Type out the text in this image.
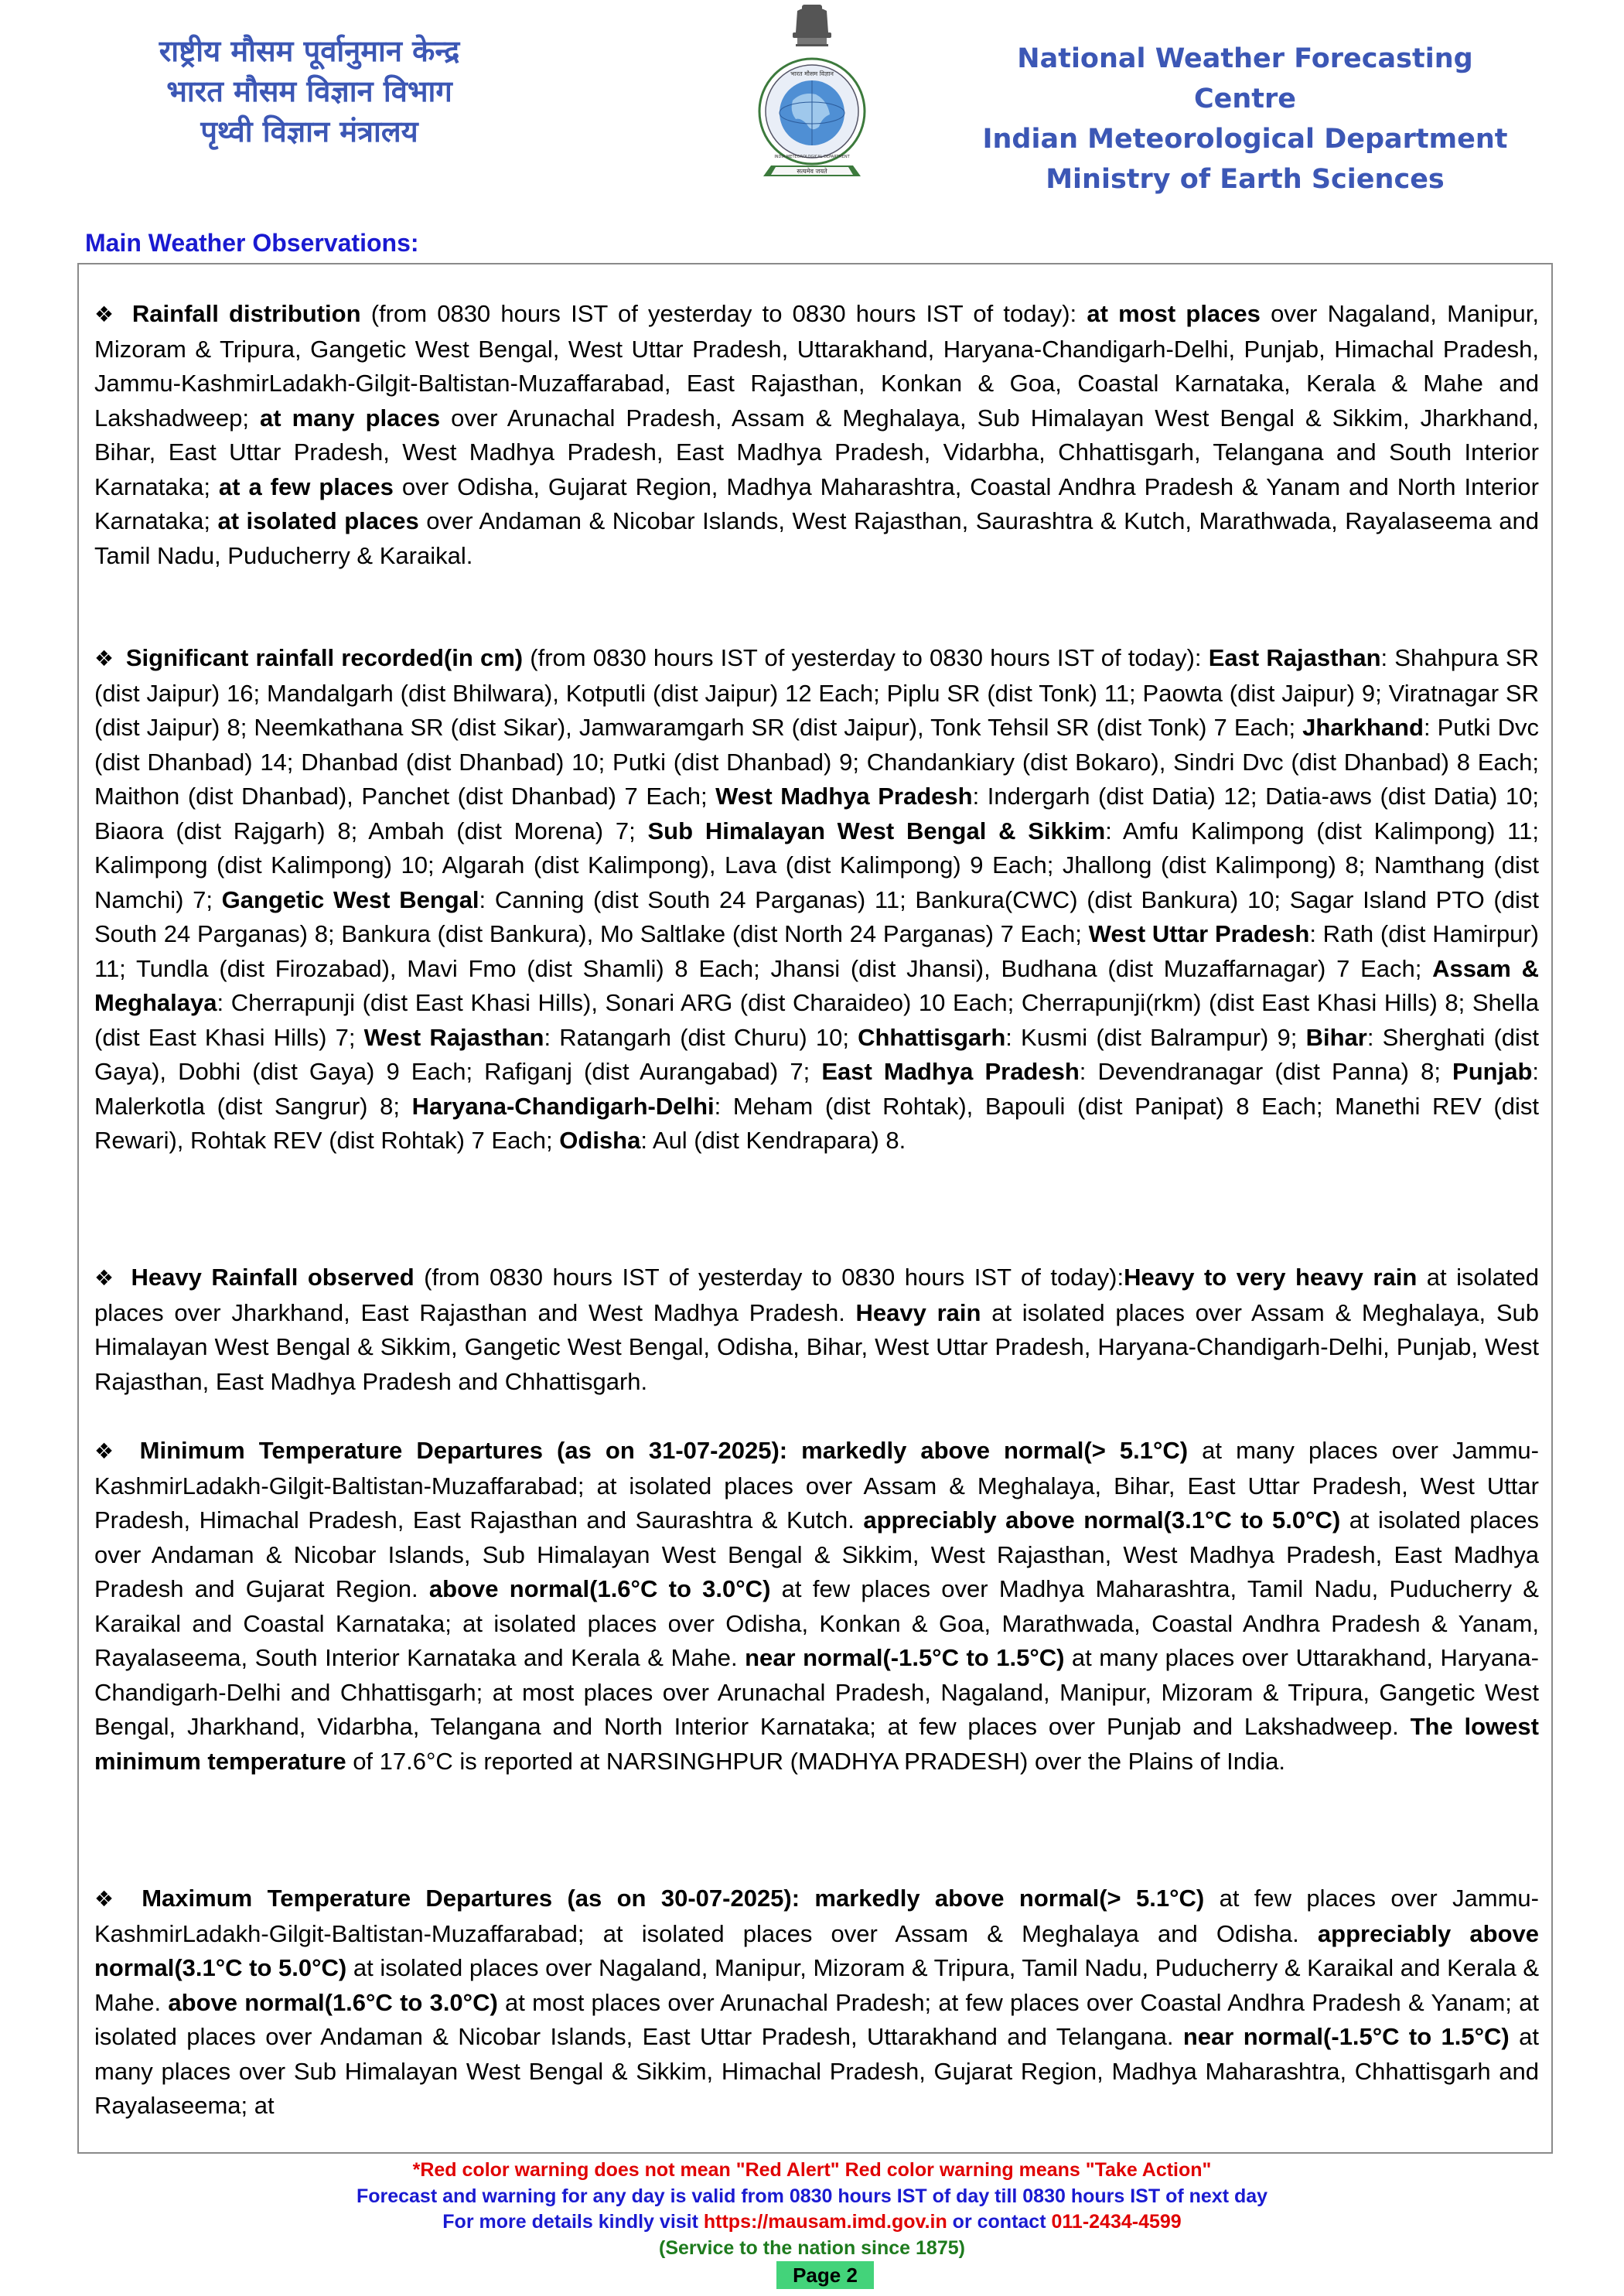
राष्ट्रीय मौसम पूर्वानुमान केन्द्र
भारत मौसम विज्ञान विभाग
पृथ्वी विज्ञान मंत्रालय
भारत मौसम विज्ञान
INDIA METEOROLOGICAL DEPARTMENT
सत्यमेव जयते
National Weather Forecasting Centre
Indian Meteorological Department
Ministry of Earth Sciences
Main Weather Observations:

❖ Rainfall distribution (from 0830 hours IST of yesterday to 0830 hours IST of today): at most places over Nagaland, Manipur, Mizoram & Tripura, Gangetic West Bengal, West Uttar Pradesh, Uttarakhand, Haryana-Chandigarh-Delhi, Punjab, Himachal Pradesh, Jammu-KashmirLadakh-Gilgit-Baltistan-Muzaffarabad, East Rajasthan, Konkan & Goa, Coastal Karnataka, Kerala & Mahe and Lakshadweep; at many places over Arunachal Pradesh, Assam & Meghalaya, Sub Himalayan West Bengal & Sikkim, Jharkhand, Bihar, East Uttar Pradesh, West Madhya Pradesh, East Madhya Pradesh, Vidarbha, Chhattisgarh, Telangana and South Interior Karnataka; at a few places over Odisha, Gujarat Region, Madhya Maharashtra, Coastal Andhra Pradesh & Yanam and North Interior Karnataka; at isolated places over Andaman & Nicobar Islands, West Rajasthan, Saurashtra & Kutch, Marathwada, Rayalaseema and Tamil Nadu, Puducherry & Karaikal.

❖ Significant rainfall recorded(in cm) (from 0830 hours IST of yesterday to 0830 hours IST of today): East Rajasthan: Shahpura SR (dist Jaipur) 16; Mandalgarh (dist Bhilwara), Kotputli (dist Jaipur) 12 Each; Piplu SR (dist Tonk) 11; Paowta (dist Jaipur) 9; Viratnagar SR (dist Jaipur) 8; Neemkathana SR (dist Sikar), Jamwaramgarh SR (dist Jaipur), Tonk Tehsil SR (dist Tonk) 7 Each; Jharkhand: Putki Dvc (dist Dhanbad) 14; Dhanbad (dist Dhanbad) 10; Putki (dist Dhanbad) 9; Chandankiary (dist Bokaro), Sindri Dvc (dist Dhanbad) 8 Each; Maithon (dist Dhanbad), Panchet (dist Dhanbad) 7 Each; West Madhya Pradesh: Indergarh (dist Datia) 12; Datia-aws (dist Datia) 10; Biaora (dist Rajgarh) 8; Ambah (dist Morena) 7; Sub Himalayan West Bengal & Sikkim: Amfu Kalimpong (dist Kalimpong) 11; Kalimpong (dist Kalimpong) 10; Algarah (dist Kalimpong), Lava (dist Kalimpong) 9 Each; Jhallong (dist Kalimpong) 8; Namthang (dist Namchi) 7; Gangetic West Bengal: Canning (dist South 24 Parganas) 11; Bankura(CWC) (dist Bankura) 10; Sagar Island PTO (dist South 24 Parganas) 8; Bankura (dist Bankura), Mo Saltlake (dist North 24 Parganas) 7 Each; West Uttar Pradesh: Rath (dist Hamirpur) 11; Tundla (dist Firozabad), Mavi Fmo (dist Shamli) 8 Each; Jhansi (dist Jhansi), Budhana (dist Muzaffarnagar) 7 Each; Assam & Meghalaya: Cherrapunji (dist East Khasi Hills), Sonari ARG (dist Charaideo) 10 Each; Cherrapunji(rkm) (dist East Khasi Hills) 8; Shella (dist East Khasi Hills) 7; West Rajasthan: Ratangarh (dist Churu) 10; Chhattisgarh: Kusmi (dist Balrampur) 9; Bihar: Sherghati (dist Gaya), Dobhi (dist Gaya) 9 Each; Rafiganj (dist Aurangabad) 7; East Madhya Pradesh: Devendranagar (dist Panna) 8; Punjab: Malerkotla (dist Sangrur) 8; Haryana-Chandigarh-Delhi: Meham (dist Rohtak), Bapouli (dist Panipat) 8 Each; Manethi REV (dist Rewari), Rohtak REV (dist Rohtak) 7 Each; Odisha: Aul (dist Kendrapara) 8.

❖ Heavy Rainfall observed (from 0830 hours IST of yesterday to 0830 hours IST of today):Heavy to very heavy rain at isolated places over Jharkhand, East Rajasthan and West Madhya Pradesh. Heavy rain at isolated places over Assam & Meghalaya, Sub Himalayan West Bengal & Sikkim, Gangetic West Bengal, Odisha, Bihar, West Uttar Pradesh, Haryana-Chandigarh-Delhi, Punjab, West Rajasthan, East Madhya Pradesh and Chhattisgarh.

❖ Minimum Temperature Departures (as on 31-07-2025): markedly above normal(> 5.1°C) at many places over Jammu-KashmirLadakh-Gilgit-Baltistan-Muzaffarabad; at isolated places over Assam & Meghalaya, Bihar, East Uttar Pradesh, West Uttar Pradesh, Himachal Pradesh, East Rajasthan and Saurashtra & Kutch. appreciably above normal(3.1°C to 5.0°C) at isolated places over Andaman & Nicobar Islands, Sub Himalayan West Bengal & Sikkim, West Rajasthan, West Madhya Pradesh, East Madhya Pradesh and Gujarat Region. above normal(1.6°C to 3.0°C) at few places over Madhya Maharashtra, Tamil Nadu, Puducherry & Karaikal and Coastal Karnataka; at isolated places over Odisha, Konkan & Goa, Marathwada, Coastal Andhra Pradesh & Yanam, Rayalaseema, South Interior Karnataka and Kerala & Mahe. near normal(-1.5°C to 1.5°C) at many places over Uttarakhand, Haryana-Chandigarh-Delhi and Chhattisgarh; at most places over Arunachal Pradesh, Nagaland, Manipur, Mizoram & Tripura, Gangetic West Bengal, Jharkhand, Vidarbha, Telangana and North Interior Karnataka; at few places over Punjab and Lakshadweep. The lowest minimum temperature of 17.6°C is reported at NARSINGHPUR (MADHYA PRADESH) over the Plains of India.

❖ Maximum Temperature Departures (as on 30-07-2025): markedly above normal(> 5.1°C) at few places over Jammu-KashmirLadakh-Gilgit-Baltistan-Muzaffarabad; at isolated places over Assam & Meghalaya and Odisha. appreciably above normal(3.1°C to 5.0°C) at isolated places over Nagaland, Manipur, Mizoram & Tripura, Tamil Nadu, Puducherry & Karaikal and Kerala & Mahe. above normal(1.6°C to 3.0°C) at most places over Arunachal Pradesh; at few places over Coastal Andhra Pradesh & Yanam; at isolated places over Andaman & Nicobar Islands, East Uttar Pradesh, Uttarakhand and Telangana. near normal(-1.5°C to 1.5°C) at many places over Sub Himalayan West Bengal & Sikkim, Himachal Pradesh, Gujarat Region, Madhya Maharashtra, Chhattisgarh and Rayalaseema; at

*Red color warning does not mean "Red Alert" Red color warning means "Take Action"
Forecast and warning for any day is valid from 0830 hours IST of day till 0830 hours IST of next day
For more details kindly visit https://mausam.imd.gov.in or contact 011-2434-4599
(Service to the nation since 1875)
Page 2
